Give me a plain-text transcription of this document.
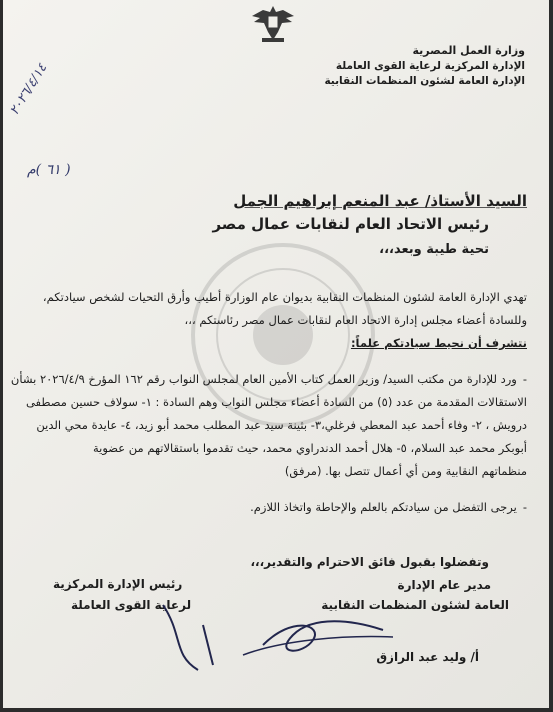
وزارة العمل المصرية
الإدارة المركزية لرعاية القوى العاملة
الإدارة العامة لشئون المنظمات النقابية
٢٠٢٦/٤/١٤
( ٦١ )م
السيد الأستاذ/ عبد المنعم إبراهيم الجمل
رئيس الاتحاد العام لنقابات عمال مصر
تحية طيبة وبعد،،،
تهدي الإدارة العامة لشئون المنظمات النقابية بديوان عام الوزارة أطيب وأرق التحيات لشخص سيادتكم،
وللسادة أعضاء مجلس إدارة الاتحاد العام لنقابات عمال مصر رئاستكم ،،،
نتشرف أن نحيط سيادتكم علماً:
-ورد للإدارة من مكتب السيد/ وزير العمل كتاب الأمين العام لمجلس النواب رقم ١٦٢ المؤرخ ٢٠٢٦/٤/٩ بشأن
الاستقالات المقدمة من عدد (٥) من السادة أعضاء مجلس النواب وهم السادة : ١- سولاف حسين مصطفى
درويش ، ٢- وفاء أحمد عبد المعطي فرغلي،٣- بثينة سيد عبد المطلب محمد أبو زيد، ٤- عايدة محي الدين
أبوبكر محمد عبد السلام، ٥- هلال أحمد الدندراوي محمد، حيث تقدموا باستقالاتهم من عضوية
منظماتهم النقابية ومن أي أعمال تتصل بها. (مرفق)
-يرجى التفضل من سيادتكم بالعلم والإحاطة واتخاذ اللازم.
وتفضلوا بقبول فائق الاحترام والتقدير،،،
مدير عام الإدارة
العامة لشئون المنظمات النقابية
أ/ وليد عبد الرازق
رئيس الإدارة المركزية
لرعاية القوى العاملة
